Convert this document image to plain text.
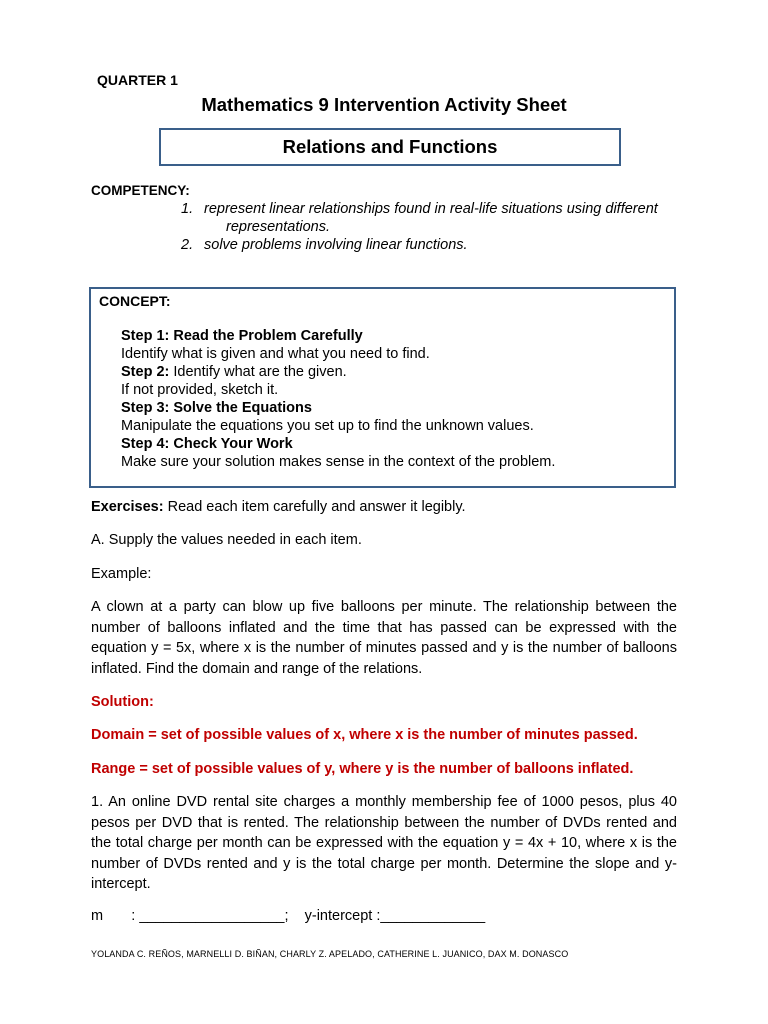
QUARTER 1
Mathematics 9 Intervention Activity Sheet
Relations and Functions
COMPETENCY:
1. represent linear relationships found in real-life situations using different
representations.
2. solve problems involving linear functions.
CONCEPT:
Step 1: Read the Problem Carefully
Identify what is given and what you need to find.
Step 2: Identify what are the given.
If not provided, sketch it.
Step 3: Solve the Equations
Manipulate the equations you set up to find the unknown values.
Step 4: Check Your Work
Make sure your solution makes sense in the context of the problem.
Exercises: Read each item carefully and answer it legibly.
A. Supply the values needed in each item.
Example:
A clown at a party can blow up five balloons per minute. The relationship between the number of balloons inflated and the time that has passed can be expressed with the equation y = 5x, where x is the number of minutes passed and y is the number of balloons inflated. Find the domain and range of the relations.
Solution:
Domain = set of possible values of x, where x is the number of minutes passed.
Range = set of possible values of y, where y is the number of balloons inflated.
1. An online DVD rental site charges a monthly membership fee of 1000 pesos, plus 40 pesos per DVD that is rented. The relationship between the number of DVDs rented and the total charge per month can be expressed with the equation y = 4x + 10, where x is the number of DVDs rented and y is the total charge per month. Determine the slope and y-intercept.
m       : __________________;    y-intercept :_____________
YOLANDA C. REÑOS, MARNELLI D. BIÑAN, CHARLY Z. APELADO, CATHERINE L. JUANICO, DAX M. DONASCO
